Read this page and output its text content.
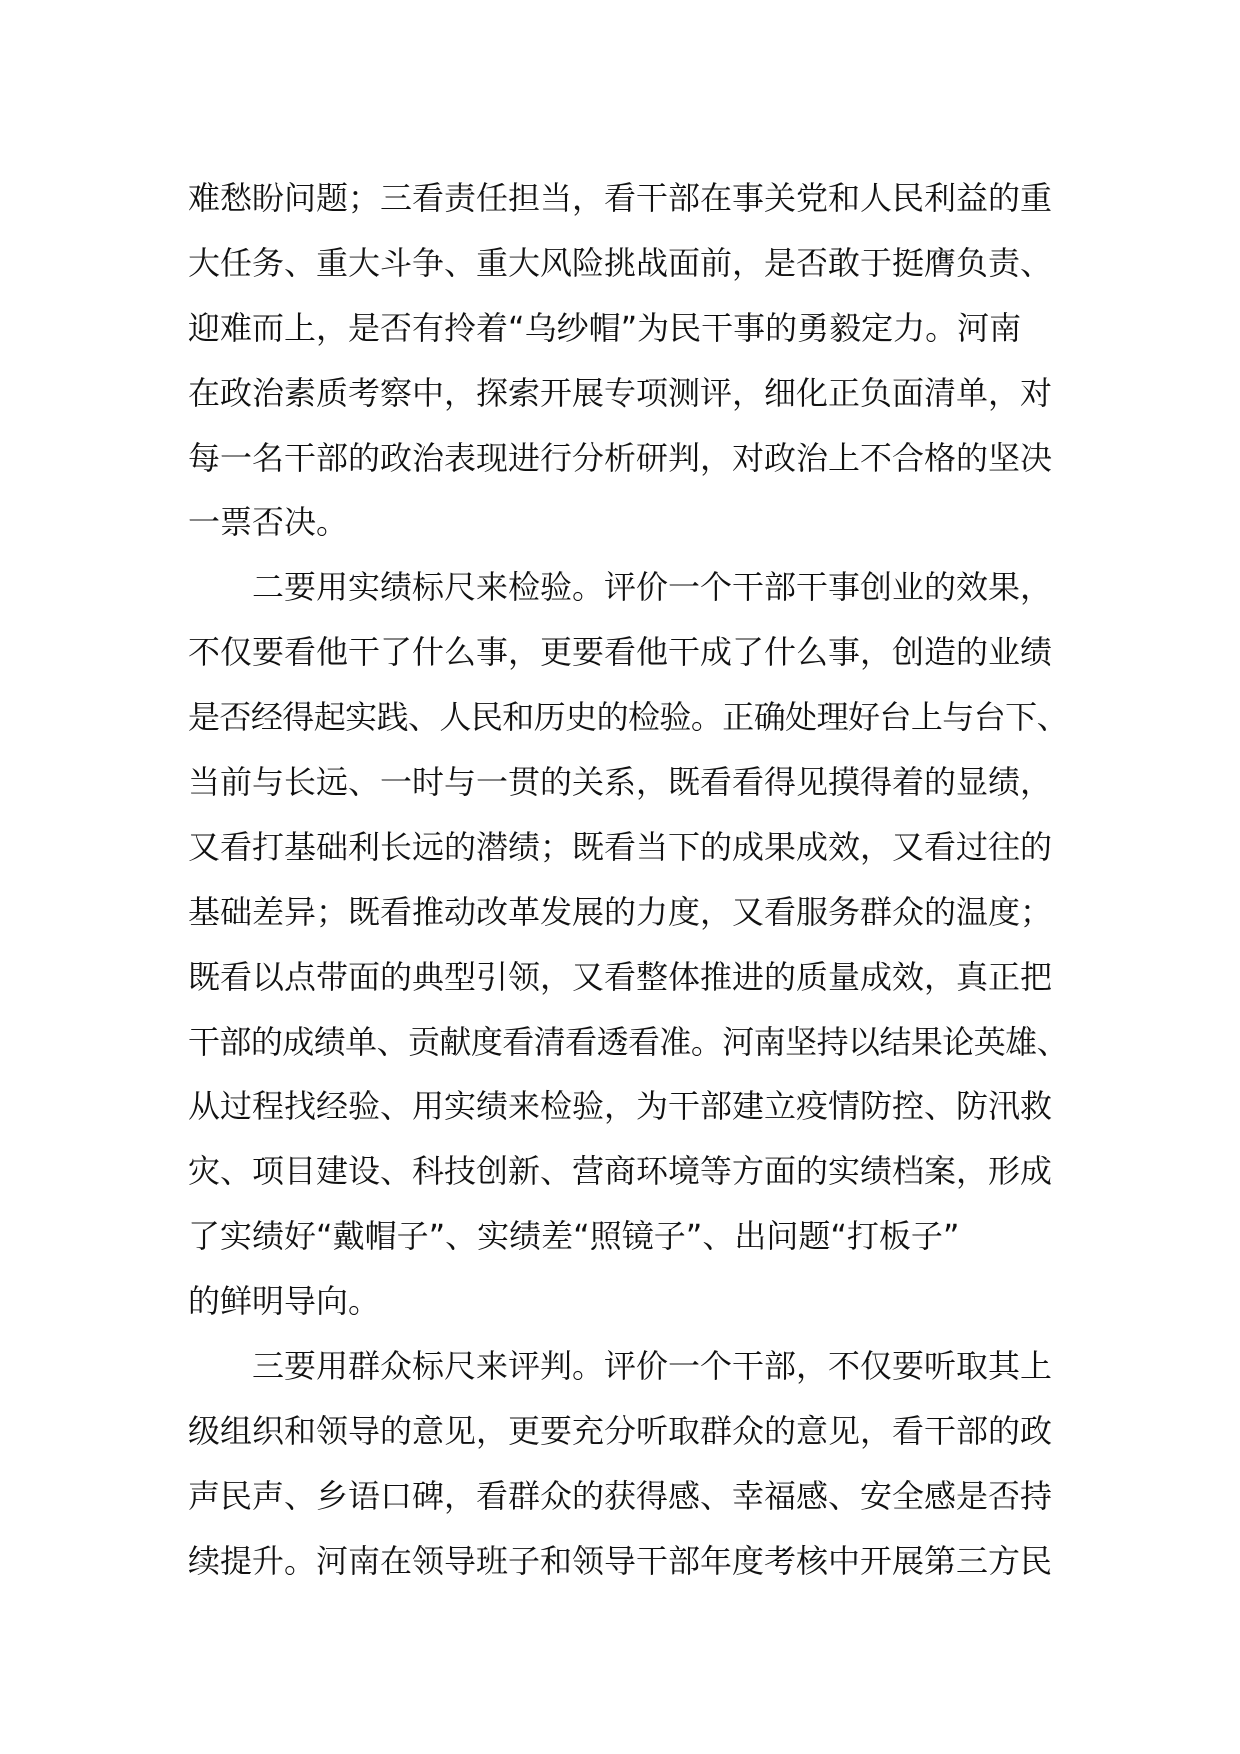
难愁盼问题；三看责任担当，看干部在事关党和人民利益的重
大任务、重大斗争、重大风险挑战面前，是否敢于挺膺负责、
迎难而上，是否有拎着“乌纱帽”为民干事的勇毅定力。河南
在政治素质考察中，探索开展专项测评，细化正负面清单，对
每一名干部的政治表现进行分析研判，对政治上不合格的坚决
一票否决。
二要用实绩标尺来检验。评价一个干部干事创业的效果，
不仅要看他干了什么事，更要看他干成了什么事，创造的业绩
是否经得起实践、人民和历史的检验。正确处理好台上与台下、
当前与长远、一时与一贯的关系，既看看得见摸得着的显绩，
又看打基础利长远的潜绩；既看当下的成果成效，又看过往的
基础差异；既看推动改革发展的力度，又看服务群众的温度；
既看以点带面的典型引领，又看整体推进的质量成效，真正把
干部的成绩单、贡献度看清看透看准。河南坚持以结果论英雄、
从过程找经验、用实绩来检验，为干部建立疫情防控、防汛救
灾、项目建设、科技创新、营商环境等方面的实绩档案，形成
了实绩好“戴帽子”、实绩差“照镜子”、出问题“打板子”
的鲜明导向。
三要用群众标尺来评判。评价一个干部，不仅要听取其上
级组织和领导的意见，更要充分听取群众的意见，看干部的政
声民声、乡语口碑，看群众的获得感、幸福感、安全感是否持
续提升。河南在领导班子和领导干部年度考核中开展第三方民
